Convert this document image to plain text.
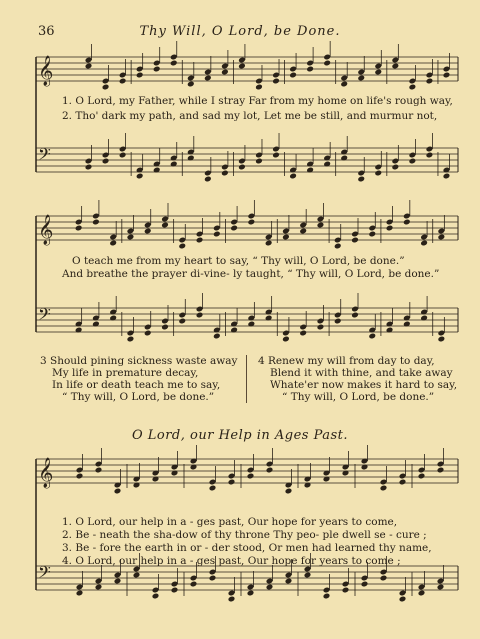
36	Thy Will, O Lord, be Done.
𝄞
𝄢
𝄞
𝄢
𝄞
𝄢
1. O Lord, my Father, while I stray Far from my home on life's rough way,
2. Tho' dark my path, and sad my lot, Let me be still, and murmur not,
O teach me from my heart to say, “ Thy will, O Lord, be done.”
And breathe the prayer di-vine- ly taught, “ Thy will, O Lord, be done.”
3 Should pining sickness waste away
My life in premature decay,
In life or death teach me to say,
“ Thy will, O Lord, be done.”
4 Renew my will from day to day,
Blend it with thine, and take away
Whate'er now makes it hard to say,
“ Thy will, O Lord, be done.”
O Lord, our Help in Ages Past.
1. O Lord, our help in a - ges past, Our hope for years to come,
2. Be - neath the sha-dow of thy throne Thy peo- ple dwell se - cure ;
3. Be - fore the earth in or - der stood, Or men had learned thy name,
4. O Lord, our help in a - ges past, Our hope for years to come ;
